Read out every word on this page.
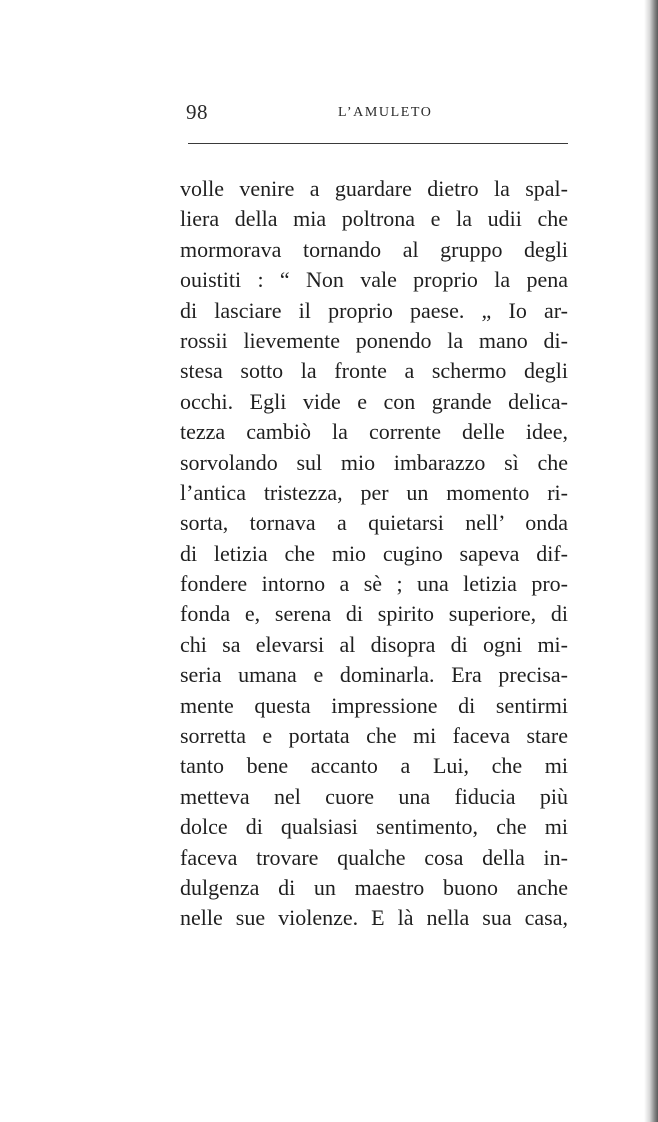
98	L’AMULETO
volle venire a guardare dietro la spal-
liera della mia poltrona e la udii che
mormorava tornando al gruppo degli
ouistiti : “ Non vale proprio la pena
di lasciare il proprio paese. „ Io ar-
rossii lievemente ponendo la mano di-
stesa sotto la fronte a schermo degli
occhi. Egli vide e con grande delica-
tezza cambiò la corrente delle idee,
sorvolando sul mio imbarazzo sì che
l’antica tristezza, per un momento ri-
sorta, tornava a quietarsi nell’ onda
di letizia che mio cugino sapeva dif-
fondere intorno a sè ; una letizia pro-
fonda e, serena di spirito superiore, di
chi sa elevarsi al disopra di ogni mi-
seria umana e dominarla. Era precisa-
mente questa impressione di sentirmi
sorretta e portata che mi faceva stare
tanto bene accanto a Lui, che mi
metteva nel cuore una fiducia più
dolce di qualsiasi sentimento, che mi
faceva trovare qualche cosa della in-
dulgenza di un maestro buono anche
nelle sue violenze. E là nella sua casa,
